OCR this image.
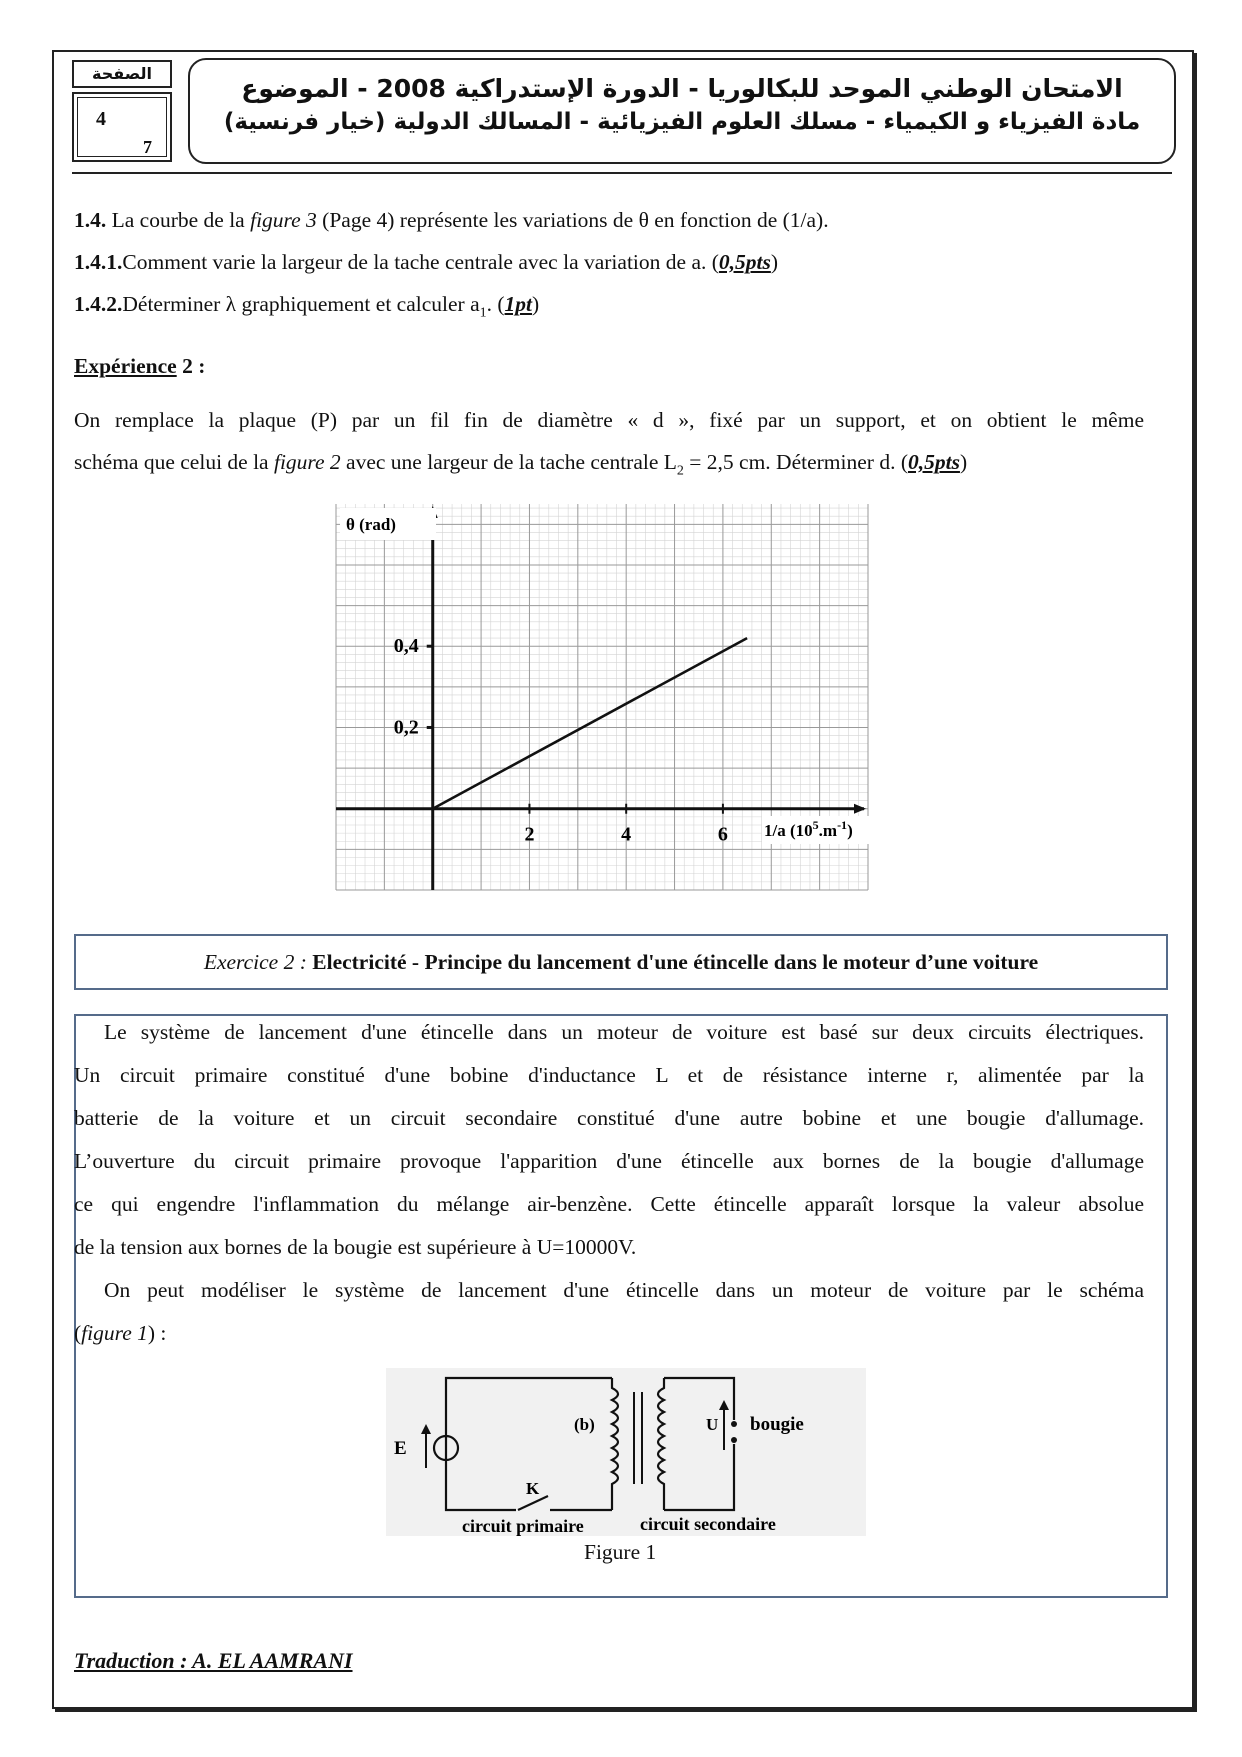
الصفحة
4
7
الامتحان الوطني الموحد للبكالوريا - الدورة الإستدراكية 2008 - الموضوع
مادة الفيزياء و الكيمياء - مسلك العلوم الفيزيائية - المسالك الدولية (خيار فرنسية)
1.4. La courbe de la figure 3 (Page 4) représente les variations de θ en fonction de (1/a).
1.4.1.Comment varie la largeur de la tache centrale avec la variation de a. (0,5pts)
1.4.2.Déterminer λ graphiquement et calculer $a_1$. (1pt)
Expérience 2 :
On remplace la plaque (P) par un fil fin de diamètre « d », fixé par un support, et on obtient le même
schéma que celui de la figure 2 avec une largeur de la tache centrale $L_2 = 2,5$ cm. Déterminer d. (0,5pts)
θ (rad)
1/a $(10^5.m^{-1})$
2	4	6
0,2
0,4
Exercice 2 : Electricité - Principe du lancement d'une étincelle dans le moteur d’une voiture
Le système de lancement d'une étincelle dans un moteur de voiture est basé sur deux circuits électriques.
Un circuit primaire constitué d'une bobine d'inductance L et de résistance interne r, alimentée par la
batterie de la voiture et un circuit secondaire constitué d'une autre bobine et une bougie d'allumage.
L’ouverture du circuit primaire provoque l'apparition d'une étincelle aux bornes de la bougie d'allumage
ce qui engendre l'inflammation du mélange air-benzène. Cette étincelle apparaît lorsque la valeur absolue
de la tension aux bornes de la bougie est supérieure à U=10000V.
On peut modéliser le système de lancement d'une étincelle dans un moteur de voiture par le schéma
(figure 1) :
E
K
(b)	U bougie
circuit primaire	circuit secondaire
Figure 1
Traduction : A. EL AAMRANI
